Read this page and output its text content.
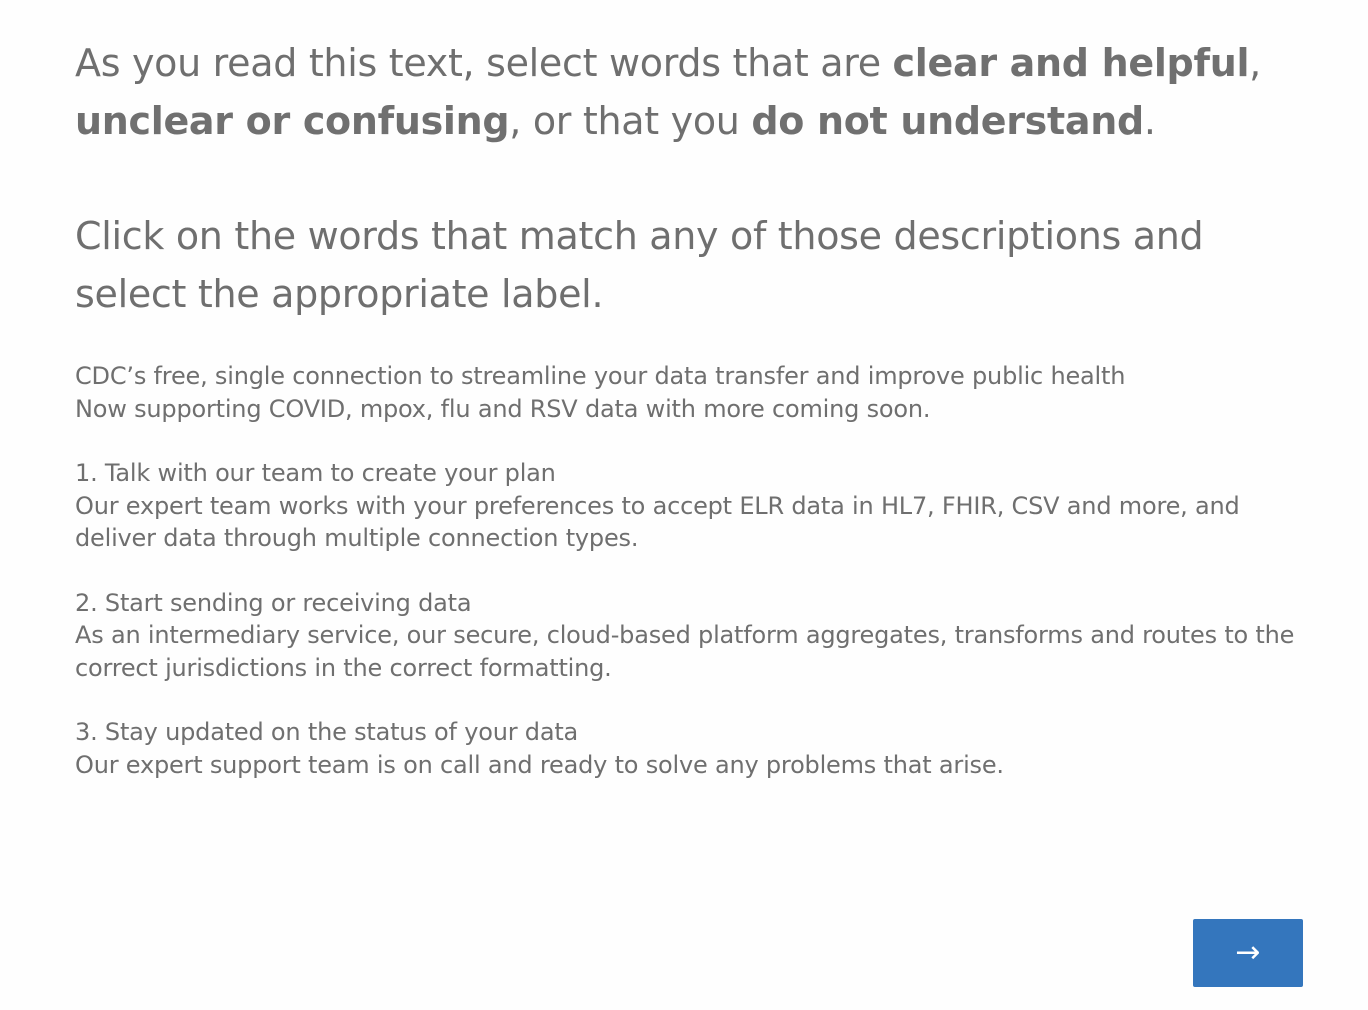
As you read this text, select words that are clear and helpful,
unclear or confusing, or that you do not understand.

Click on the words that match any of those descriptions and select the appropriate label.

CDC’s free, single connection to streamline your data transfer and improve public health
Now supporting COVID, mpox, flu and RSV data with more coming soon.

1. Talk with our team to create your plan
Our expert team works with your preferences to accept ELR data in HL7, FHIR, CSV and more, and deliver data through multiple connection types.

2. Start sending or receiving data
As an intermediary service, our secure, cloud-based platform aggregates, transforms and routes to the correct jurisdictions in the correct formatting.

3. Stay updated on the status of your data
Our expert support team is on call and ready to solve any problems that arise.

→
